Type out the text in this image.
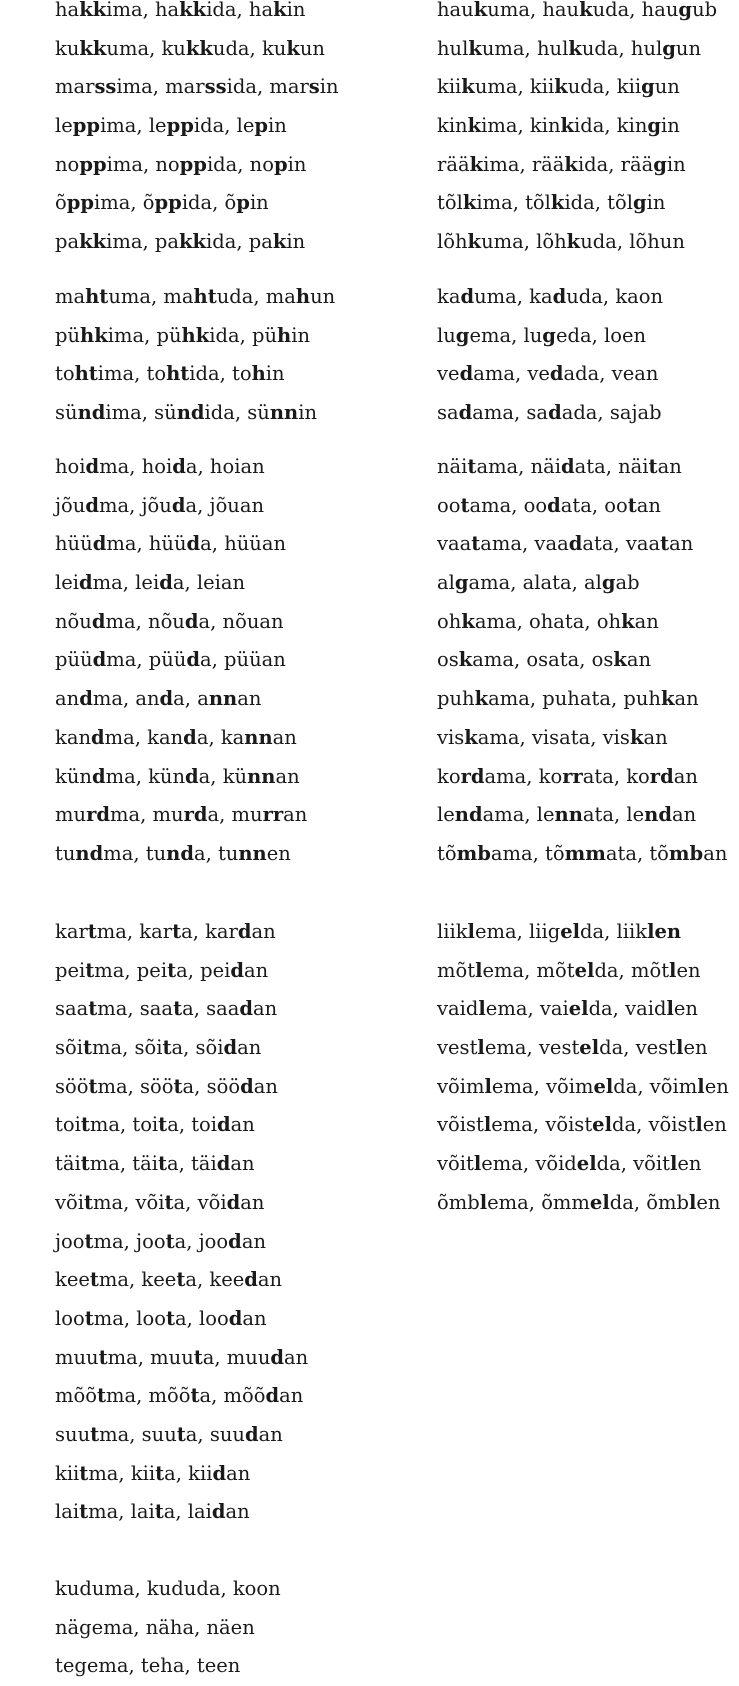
hakkima, hakkida, hakin
kukkuma, kukkuda, kukun
marssima, marssida, marsin
leppima, leppida, lepin
noppima, noppida, nopin
õppima, õppida, õpin
pakkima, pakkida, pakin
haukuma, haukuda, haugub
hulkuma, hulkuda, hulgun
kiikuma, kiikuda, kiigun
kinkima, kinkida, kingin
rääkima, rääkida, räägin
tõlkima, tõlkida, tõlgin
lõhkuma, lõhkuda, lõhun
mahtuma, mahtuda, mahun
pühkima, pühkida, pühin
tohtima, tohtida, tohin
sündima, sündida, sünnin
kaduma, kaduda, kaon
lugema, lugeda, loen
vedama, vedada, vean
sadama, sadada, sajab
hoidma, hoida, hoian
jõudma, jõuda, jõuan
hüüdma, hüüda, hüüan
leidma, leida, leian
nõudma, nõuda, nõuan
püüdma, püüda, püüan
andma, anda, annan
kandma, kanda, kannan
kündma, künda, künnan
murdma, murda, murran
tundma, tunda, tunnen
näitama, näidata, näitan
ootama, oodata, ootan
vaatama, vaadata, vaatan
algama, alata, algab
ohkama, ohata, ohkan
oskama, osata, oskan
puhkama, puhata, puhkan
viskama, visata, viskan
kordama, korrata, kordan
lendama, lennata, lendan
tõmbama, tõmmata, tõmban
kartma, karta, kardan
peitma, peita, peidan
saatma, saata, saadan
sõitma, sõita, sõidan
söötma, sööta, söödan
toitma, toita, toidan
täitma, täita, täidan
võitma, võita, võidan
jootma, joota, joodan
keetma, keeta, keedan
lootma, loota, loodan
muutma, muuta, muudan
mõõtma, mõõta, mõõdan
suutma, suuta, suudan
kiitma, kiita, kiidan
laitma, laita, laidan
liiklema, liigelda, liiklen
mõtlema, mõtelda, mõtlen
vaidlema, vaielda, vaidlen
vestlema, vestelda, vestlen
võimlema, võimelda, võimlen
võistlema, võistelda, võistlen
võitlema, võidelda, võitlen
õmblema, õmmelda, õmblen
kuduma, kududa, koon
nägema, näha, näen
tegema, teha, teen
